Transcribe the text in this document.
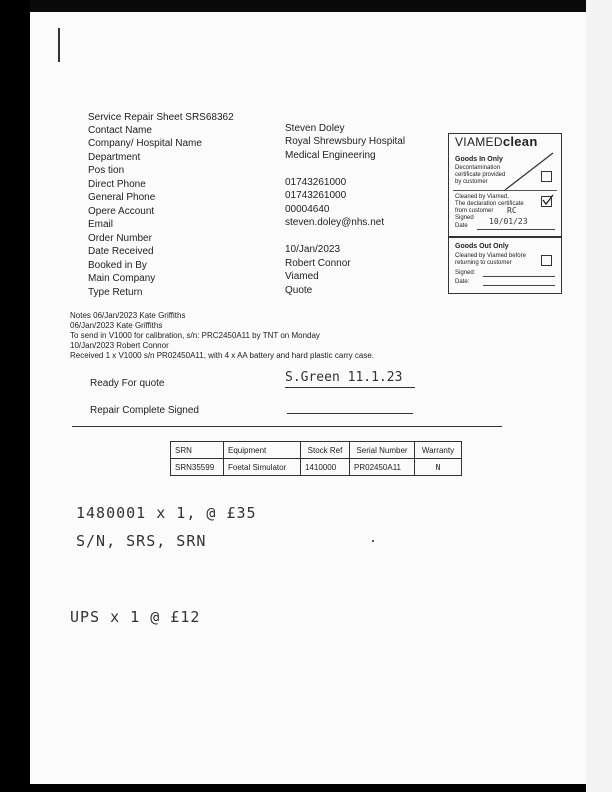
Service Repair Sheet SRS68362
Contact Name	Steven Doley
Company/ Hospital Name	Royal Shrewsbury Hospital
Department	Medical Engineering
Pos tion
Direct Phone	01743261000
General Phone	01743261000
Opere Account	00004640
Email	steven.doley@nhs.net
Order Number
Date Received	10/Jan/2023
Booked in By	Robert Connor
Main Company	Viamed
Type Return	Quote
VIAMEDclean
Goods In Only
Decontamination
certificate provided
by customer
Cleaned by Viamed,
The declaration certificate
from customer
Signed
RC
Date	10/01/23
Goods Out Only
Cleaned by Viamed before
returning to customer
Signed:
Date:
Notes 06/Jan/2023 Kate Griffiths
06/Jan/2023 Kate Griffiths
To send in V1000 for calibration, s/n: PRC2450A11 by TNT on Monday
10/Jan/2023 Robert Connor
Received 1 x V1000 s/n PR02450A11, with 4 x AA battery and hard plastic carry case.
Ready For quote	S.Green 11.1.23
Repair Complete Signed
SRN	Equipment	Stock Ref	Serial Number	Warranty
SRN35599	Foetal Simulator	1410000	PR02450A11	N
1480001 x 1, @ £35
S/N, SRS, SRN
UPS x 1 @ £12
